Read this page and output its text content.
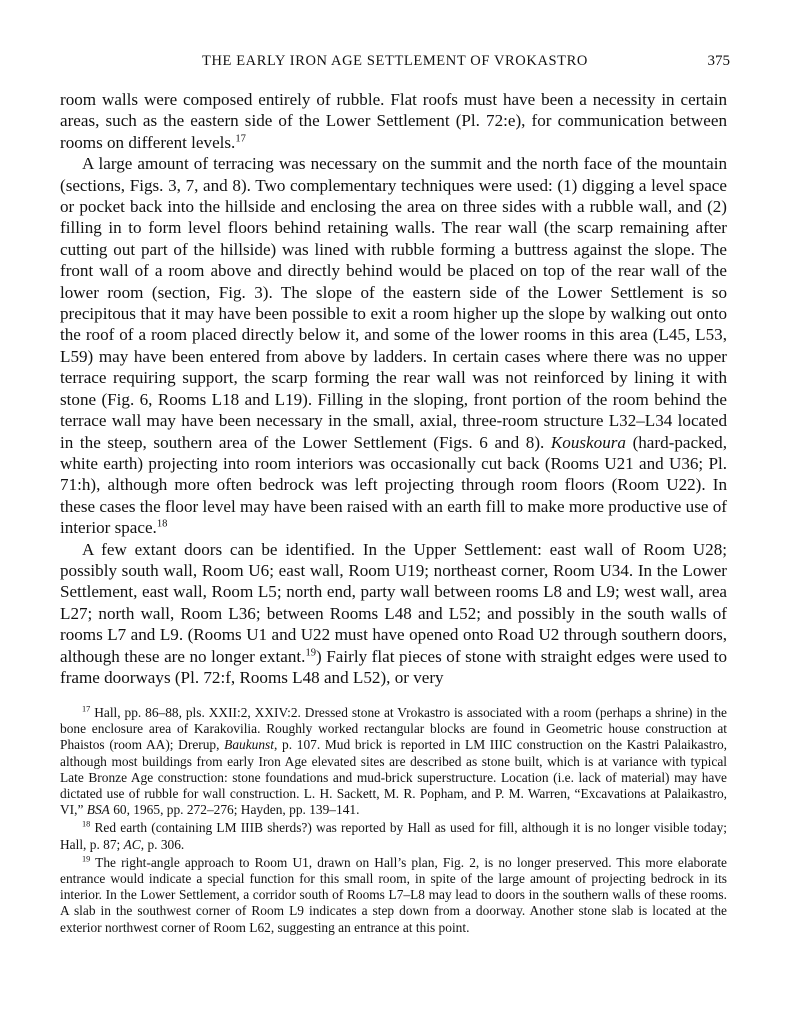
THE EARLY IRON AGE SETTLEMENT OF VROKASTRO	375

room walls were composed entirely of rubble. Flat roofs must have been a necessity in certain areas, such as the eastern side of the Lower Settlement (Pl. 72:e), for communication between rooms on different levels.$^{17}$

A large amount of terracing was necessary on the summit and the north face of the mountain (sections, Figs. 3, 7, and 8). Two complementary techniques were used: (1) digging a level space or pocket back into the hillside and enclosing the area on three sides with a rubble wall, and (2) filling in to form level floors behind retaining walls. The rear wall (the scarp remaining after cutting out part of the hillside) was lined with rubble forming a buttress against the slope. The front wall of a room above and directly behind would be placed on top of the rear wall of the lower room (section, Fig. 3). The slope of the eastern side of the Lower Settlement is so precipitous that it may have been possible to exit a room higher up the slope by walking out onto the roof of a room placed directly below it, and some of the lower rooms in this area (L45, L53, L59) may have been entered from above by ladders. In certain cases where there was no upper terrace requiring support, the scarp forming the rear wall was not reinforced by lining it with stone (Fig. 6, Rooms L18 and L19). Filling in the sloping, front portion of the room behind the terrace wall may have been necessary in the small, axial, three-room structure L32–L34 located in the steep, southern area of the Lower Settlement (Figs. 6 and 8). Kouskoura (hard-packed, white earth) projecting into room interiors was occasionally cut back (Rooms U21 and U36; Pl. 71:h), although more often bedrock was left projecting through room floors (Room U22). In these cases the floor level may have been raised with an earth fill to make more productive use of interior space.$^{18}$

A few extant doors can be identified. In the Upper Settlement: east wall of Room U28; possibly south wall, Room U6; east wall, Room U19; northeast corner, Room U34. In the Lower Settlement, east wall, Room L5; north end, party wall between rooms L8 and L9; west wall, area L27; north wall, Room L36; between Rooms L48 and L52; and possibly in the south walls of rooms L7 and L9. (Rooms U1 and U22 must have opened onto Road U2 through southern doors, although these are no longer extant.$^{19}$) Fairly flat pieces of stone with straight edges were used to frame doorways (Pl. 72:f, Rooms L48 and L52), or very

$^{17}$ Hall, pp. 86–88, pls. XXII:2, XXIV:2. Dressed stone at Vrokastro is associated with a room (perhaps a shrine) in the bone enclosure area of Karakovilia. Roughly worked rectangular blocks are found in Geometric house construction at Phaistos (room AA); Drerup, Baukunst, p. 107. Mud brick is reported in LM IIIC construction on the Kastri Palaikastro, although most buildings from early Iron Age elevated sites are described as stone built, which is at variance with typical Late Bronze Age construction: stone foundations and mud-brick superstructure. Location (i.e. lack of material) may have dictated use of rubble for wall construction. L. H. Sackett, M. R. Popham, and P. M. Warren, “Excavations at Palaikastro, VI,” BSA 60, 1965, pp. 272–276; Hayden, pp. 139–141.

$^{18}$ Red earth (containing LM IIIB sherds?) was reported by Hall as used for fill, although it is no longer visible today; Hall, p. 87; AC, p. 306.

$^{19}$ The right-angle approach to Room U1, drawn on Hall’s plan, Fig. 2, is no longer preserved. This more elaborate entrance would indicate a special function for this small room, in spite of the large amount of projecting bedrock in its interior. In the Lower Settlement, a corridor south of Rooms L7–L8 may lead to doors in the southern walls of these rooms. A slab in the southwest corner of Room L9 indicates a step down from a doorway. Another stone slab is located at the exterior northwest corner of Room L62, suggesting an entrance at this point.
